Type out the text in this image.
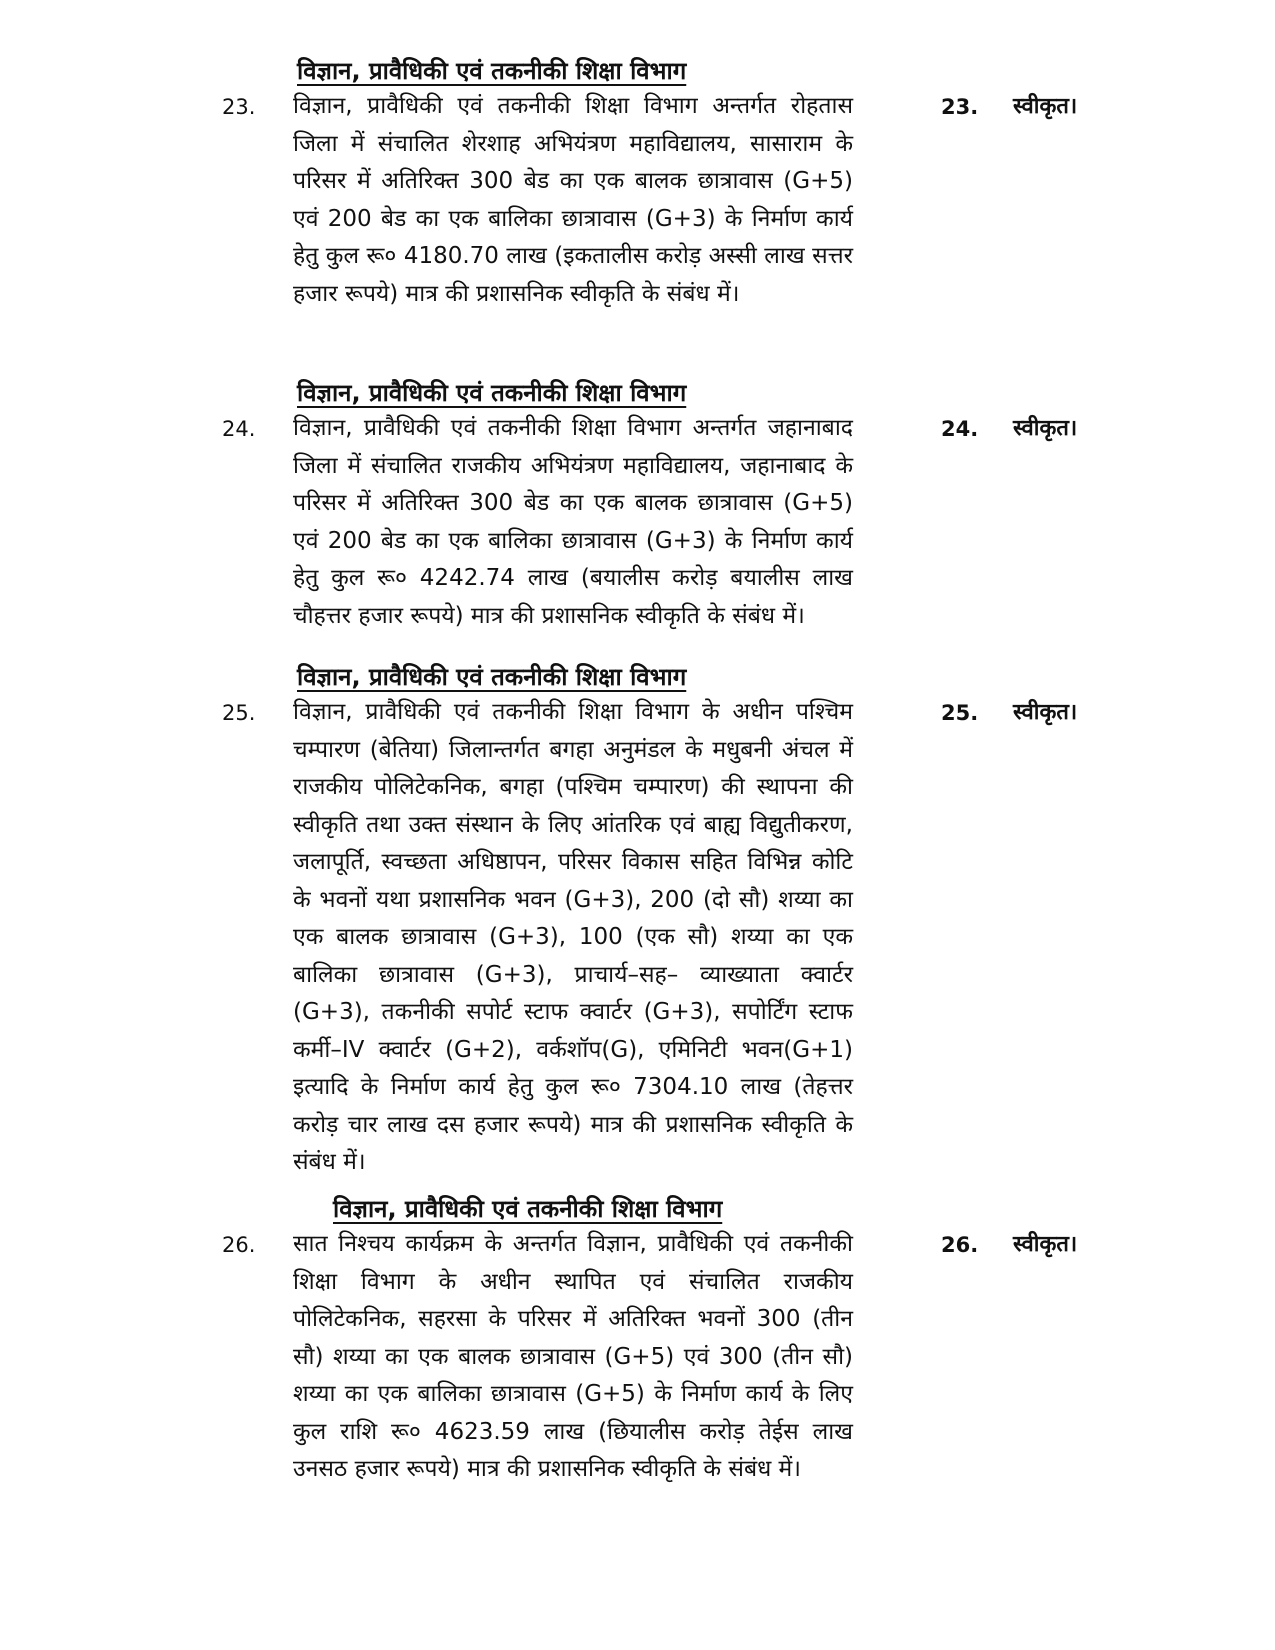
विज्ञान, प्रावैधिकी एवं तकनीकी शिक्षा विभाग
23. विज्ञान, प्रावैधिकी एवं तकनीकी शिक्षा विभाग अन्तर्गत रोहतास जिला में संचालित शेरशाह अभियंत्रण महाविद्यालय, सासाराम के परिसर में अतिरिक्त 300 बेड का एक बालक छात्रावास (G+5) एवं 200 बेड का एक बालिका छात्रावास (G+3) के निर्माण कार्य हेतु कुल रू० 4180.70 लाख (इकतालीस करोड़ अस्सी लाख सत्तर हजार रूपये) मात्र की प्रशासनिक स्वीकृति के संबंध में।
23. स्वीकृत।
विज्ञान, प्रावैधिकी एवं तकनीकी शिक्षा विभाग
24. विज्ञान, प्रावैधिकी एवं तकनीकी शिक्षा विभाग अन्तर्गत जहानाबाद जिला में संचालित राजकीय अभियंत्रण महाविद्यालय, जहानाबाद के परिसर में अतिरिक्त 300 बेड का एक बालक छात्रावास (G+5) एवं 200 बेड का एक बालिका छात्रावास (G+3) के निर्माण कार्य हेतु कुल रू० 4242.74 लाख (बयालीस करोड़ बयालीस लाख चौहत्तर हजार रूपये) मात्र की प्रशासनिक स्वीकृति के संबंध में।
24. स्वीकृत।
विज्ञान, प्रावैधिकी एवं तकनीकी शिक्षा विभाग
25. विज्ञान, प्रावैधिकी एवं तकनीकी शिक्षा विभाग के अधीन पश्चिम चम्पारण (बेतिया) जिलान्तर्गत बगहा अनुमंडल के मधुबनी अंचल में राजकीय पोलिटेकनिक, बगहा (पश्चिम चम्पारण) की स्थापना की स्वीकृति तथा उक्त संस्थान के लिए आंतरिक एवं बाह्य विद्युतीकरण, जलापूर्ति, स्वच्छता अधिष्ठापन, परिसर विकास सहित विभिन्न कोटि के भवनों यथा प्रशासनिक भवन (G+3), 200 (दो सौ) शय्या का एक बालक छात्रावास (G+3), 100 (एक सौ) शय्या का एक बालिका छात्रावास (G+3), प्राचार्य–सह– व्याख्याता क्वार्टर (G+3), तकनीकी सपोर्ट स्टाफ क्वार्टर (G+3), सपोर्टिंग स्टाफ कर्मी–IV क्वार्टर (G+2), वर्कशॉप(G), एमिनिटी भवन(G+1) इत्यादि के निर्माण कार्य हेतु कुल रू० 7304.10 लाख (तेहत्तर करोड़ चार लाख दस हजार रूपये) मात्र की प्रशासनिक स्वीकृति के संबंध में।
25. स्वीकृत।
विज्ञान, प्रावैधिकी एवं तकनीकी शिक्षा विभाग
26. सात निश्चय कार्यक्रम के अन्तर्गत विज्ञान, प्रावैधिकी एवं तकनीकी शिक्षा विभाग के अधीन स्थापित एवं संचालित राजकीय पोलिटेकनिक, सहरसा के परिसर में अतिरिक्त भवनों 300 (तीन सौ) शय्या का एक बालक छात्रावास (G+5) एवं 300 (तीन सौ) शय्या का एक बालिका छात्रावास (G+5) के निर्माण कार्य के लिए कुल राशि रू० 4623.59 लाख (छियालीस करोड़ तेईस लाख उनसठ हजार रूपये) मात्र की प्रशासनिक स्वीकृति के संबंध में।
26. स्वीकृत।
